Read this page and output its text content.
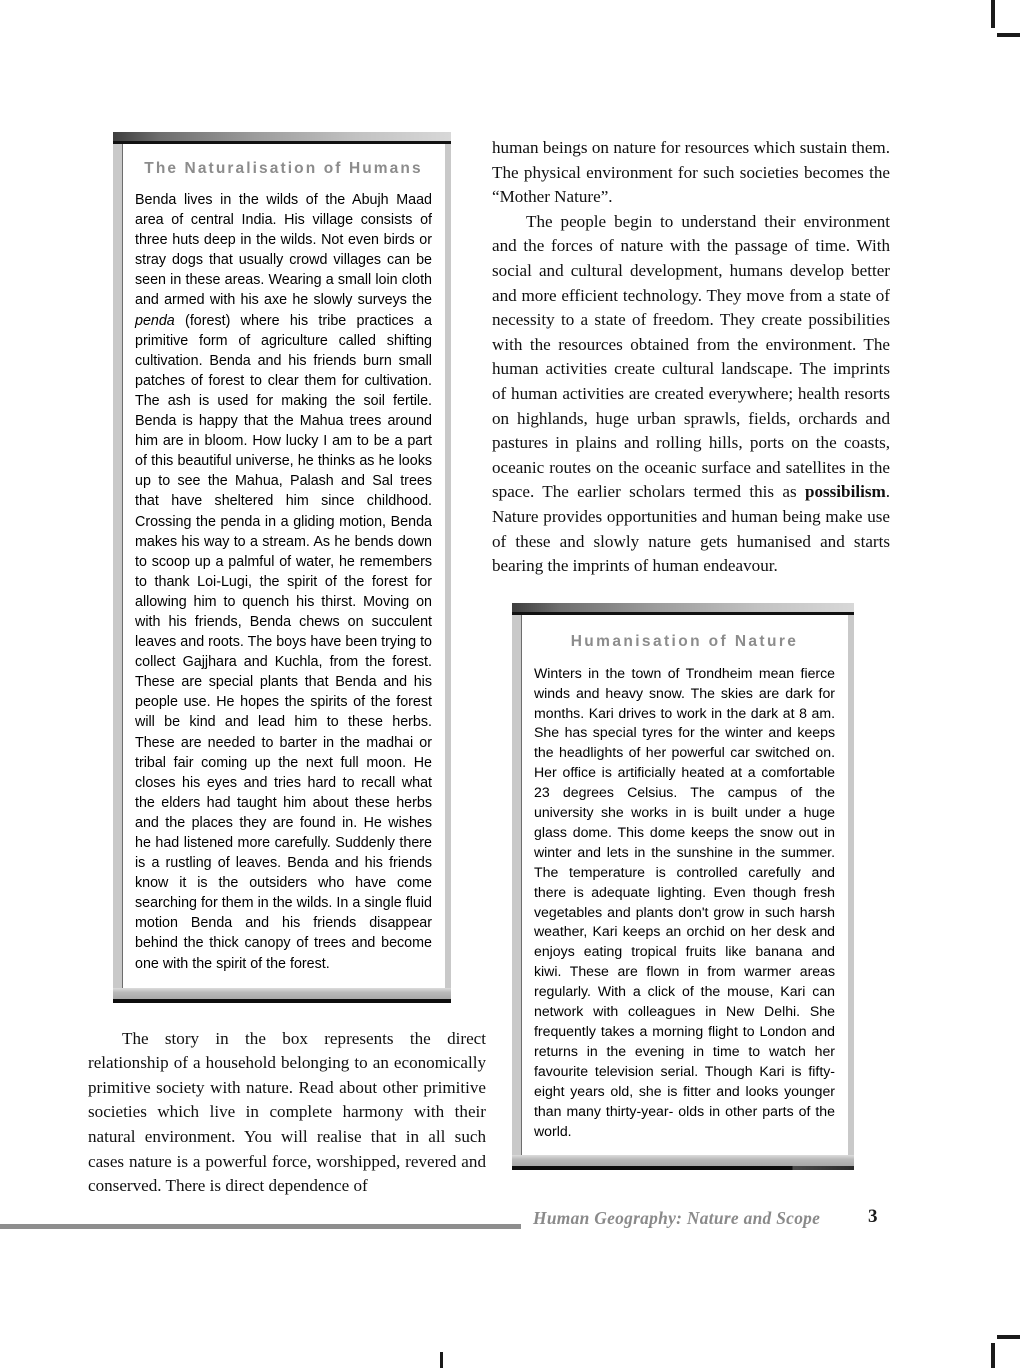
The Naturalisation of Humans

Benda lives in the wilds of the Abujh Maad area of central India. His village consists of three huts deep in the wilds. Not even birds or stray dogs that usually crowd villages can be seen in these areas. Wearing a small loin cloth and armed with his axe he slowly surveys the penda (forest) where his tribe practices a primitive form of agriculture called shifting cultivation. Benda and his friends burn small patches of forest to clear them for cultivation. The ash is used for making the soil fertile. Benda is happy that the Mahua trees around him are in bloom. How lucky I am to be a part of this beautiful universe, he thinks as he looks up to see the Mahua, Palash and Sal trees that have sheltered him since childhood. Crossing the penda in a gliding motion, Benda makes his way to a stream. As he bends down to scoop up a palmful of water, he remembers to thank Loi-Lugi, the spirit of the forest for allowing him to quench his thirst. Moving on with his friends, Benda chews on succulent leaves and roots. The boys have been trying to collect Gajjhara and Kuchla, from the forest. These are special plants that Benda and his people use. He hopes the spirits of the forest will be kind and lead him to these herbs. These are needed to barter in the madhai or tribal fair coming up the next full moon. He closes his eyes and tries hard to recall what the elders had taught him about these herbs and the places they are found in. He wishes he had listened more carefully. Suddenly there is a rustling of leaves. Benda and his friends know it is the outsiders who have come searching for them in the wilds. In a single fluid motion Benda and his friends disappear behind the thick canopy of trees and become one with the spirit of the forest.

The story in the box represents the direct relationship of a household belonging to an economically primitive society with nature. Read about other primitive societies which live in complete harmony with their natural environment. You will realise that in all such cases nature is a powerful force, worshipped, revered and conserved. There is direct dependence of

human beings on nature for resources which sustain them. The physical environment for such societies becomes the “Mother Nature”.

The people begin to understand their environment and the forces of nature with the passage of time. With social and cultural development, humans develop better and more efficient technology. They move from a state of necessity to a state of freedom. They create possibilities with the resources obtained from the environment. The human activities create cultural landscape. The imprints of human activities are created everywhere; health resorts on highlands, huge urban sprawls, fields, orchards and pastures in plains and rolling hills, ports on the coasts, oceanic routes on the oceanic surface and satellites in the space. The earlier scholars termed this as possibilism. Nature provides opportunities and human being make use of these and slowly nature gets humanised and starts bearing the imprints of human endeavour.

Humanisation of Nature

Winters in the town of Trondheim mean fierce winds and heavy snow. The skies are dark for months. Kari drives to work in the dark at 8 am. She has special tyres for the winter and keeps the headlights of her powerful car switched on. Her office is artificially heated at a comfortable 23 degrees Celsius. The campus of the university she works in is built under a huge glass dome. This dome keeps the snow out in winter and lets in the sunshine in the summer. The temperature is controlled carefully and there is adequate lighting. Even though fresh vegetables and plants don't grow in such harsh weather, Kari keeps an orchid on her desk and enjoys eating tropical fruits like banana and kiwi. These are flown in from warmer areas regularly. With a click of the mouse, Kari can network with colleagues in New Delhi. She frequently takes a morning flight to London and returns in the evening in time to watch her favourite television serial. Though Kari is fifty-eight years old, she is fitter and looks younger than many thirty-year- olds in other parts of the world.

Human Geography: Nature and Scope	3
